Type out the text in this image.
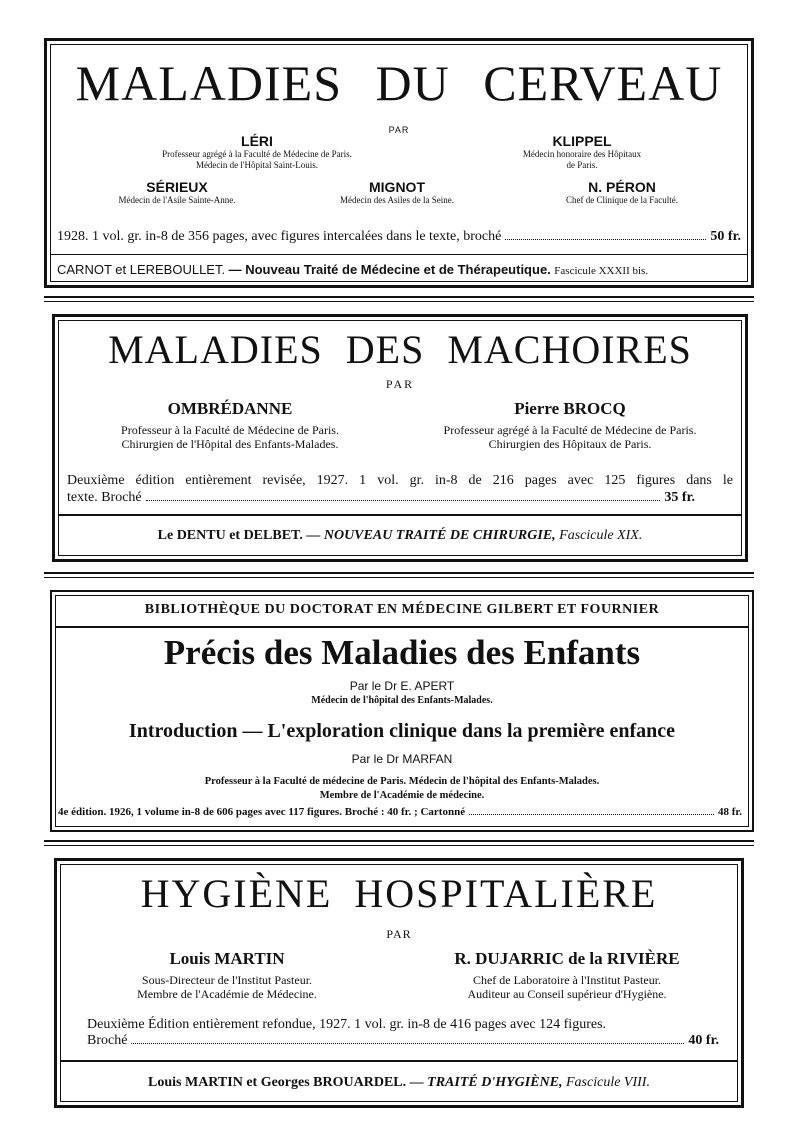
MALADIES DU CERVEAU
PAR
LÉRI
Professeur agrégé à la Faculté de Médecine de Paris.
Médecin de l'Hôpital Saint-Louis.
KLIPPEL
Médecin honoraire des Hôpitaux
de Paris.
SÉRIEUX
Médecin de l'Asile Sainte-Anne.
MIGNOT
Médecin des Asiles de la Seine.
N. PÉRON
Chef de Clinique de la Faculté.
1928. 1 vol. gr. in-8 de 356 pages, avec figures intercalées dans le texte, broché	50 fr.
CARNOT et LEREBOULLET. — Nouveau Traité de Médecine et de Thérapeutique. Fascicule XXXII bis.
MALADIES DES MACHOIRES
PAR
OMBRÉDANNE
Professeur à la Faculté de Médecine de Paris.
Chirurgien de l'Hôpital des Enfants-Malades.
Pierre BROCQ
Professeur agrégé à la Faculté de Médecine de Paris.
Chirurgien des Hôpitaux de Paris.
Deuxième édition entièrement revisée, 1927. 1 vol. gr. in-8 de 216 pages avec 125 figures dans le
texte. Broché	35 fr.
Le DENTU et DELBET. — NOUVEAU TRAITÉ DE CHIRURGIE, Fascicule XIX.
BIBLIOTHÈQUE DU DOCTORAT EN MÉDECINE GILBERT ET FOURNIER
Précis des Maladies des Enfants
Par le Dr E. APERT
Médecin de l'hôpital des Enfants-Malades.
Introduction — L'exploration clinique dans la première enfance
Par le Dr MARFAN
Professeur à la Faculté de médecine de Paris. Médecin de l'hôpital des Enfants-Malades.
Membre de l'Académie de médecine.
4e édition. 1926, 1 volume in-8 de 606 pages avec 117 figures. Broché : 40 fr. ; Cartonné	48 fr.
HYGIÈNE HOSPITALIÈRE
PAR
Louis MARTIN
Sous-Directeur de l'Institut Pasteur.
Membre de l'Académie de Médecine.
R. DUJARRIC de la RIVIÈRE
Chef de Laboratoire à l'Institut Pasteur.
Auditeur au Conseil supérieur d'Hygiène.
Deuxième Édition entièrement refondue, 1927. 1 vol. gr. in-8 de 416 pages avec 124 figures.
Broché	40 fr.
Louis MARTIN et Georges BROUARDEL. — TRAITÉ D'HYGIÈNE, Fascicule VIII.
